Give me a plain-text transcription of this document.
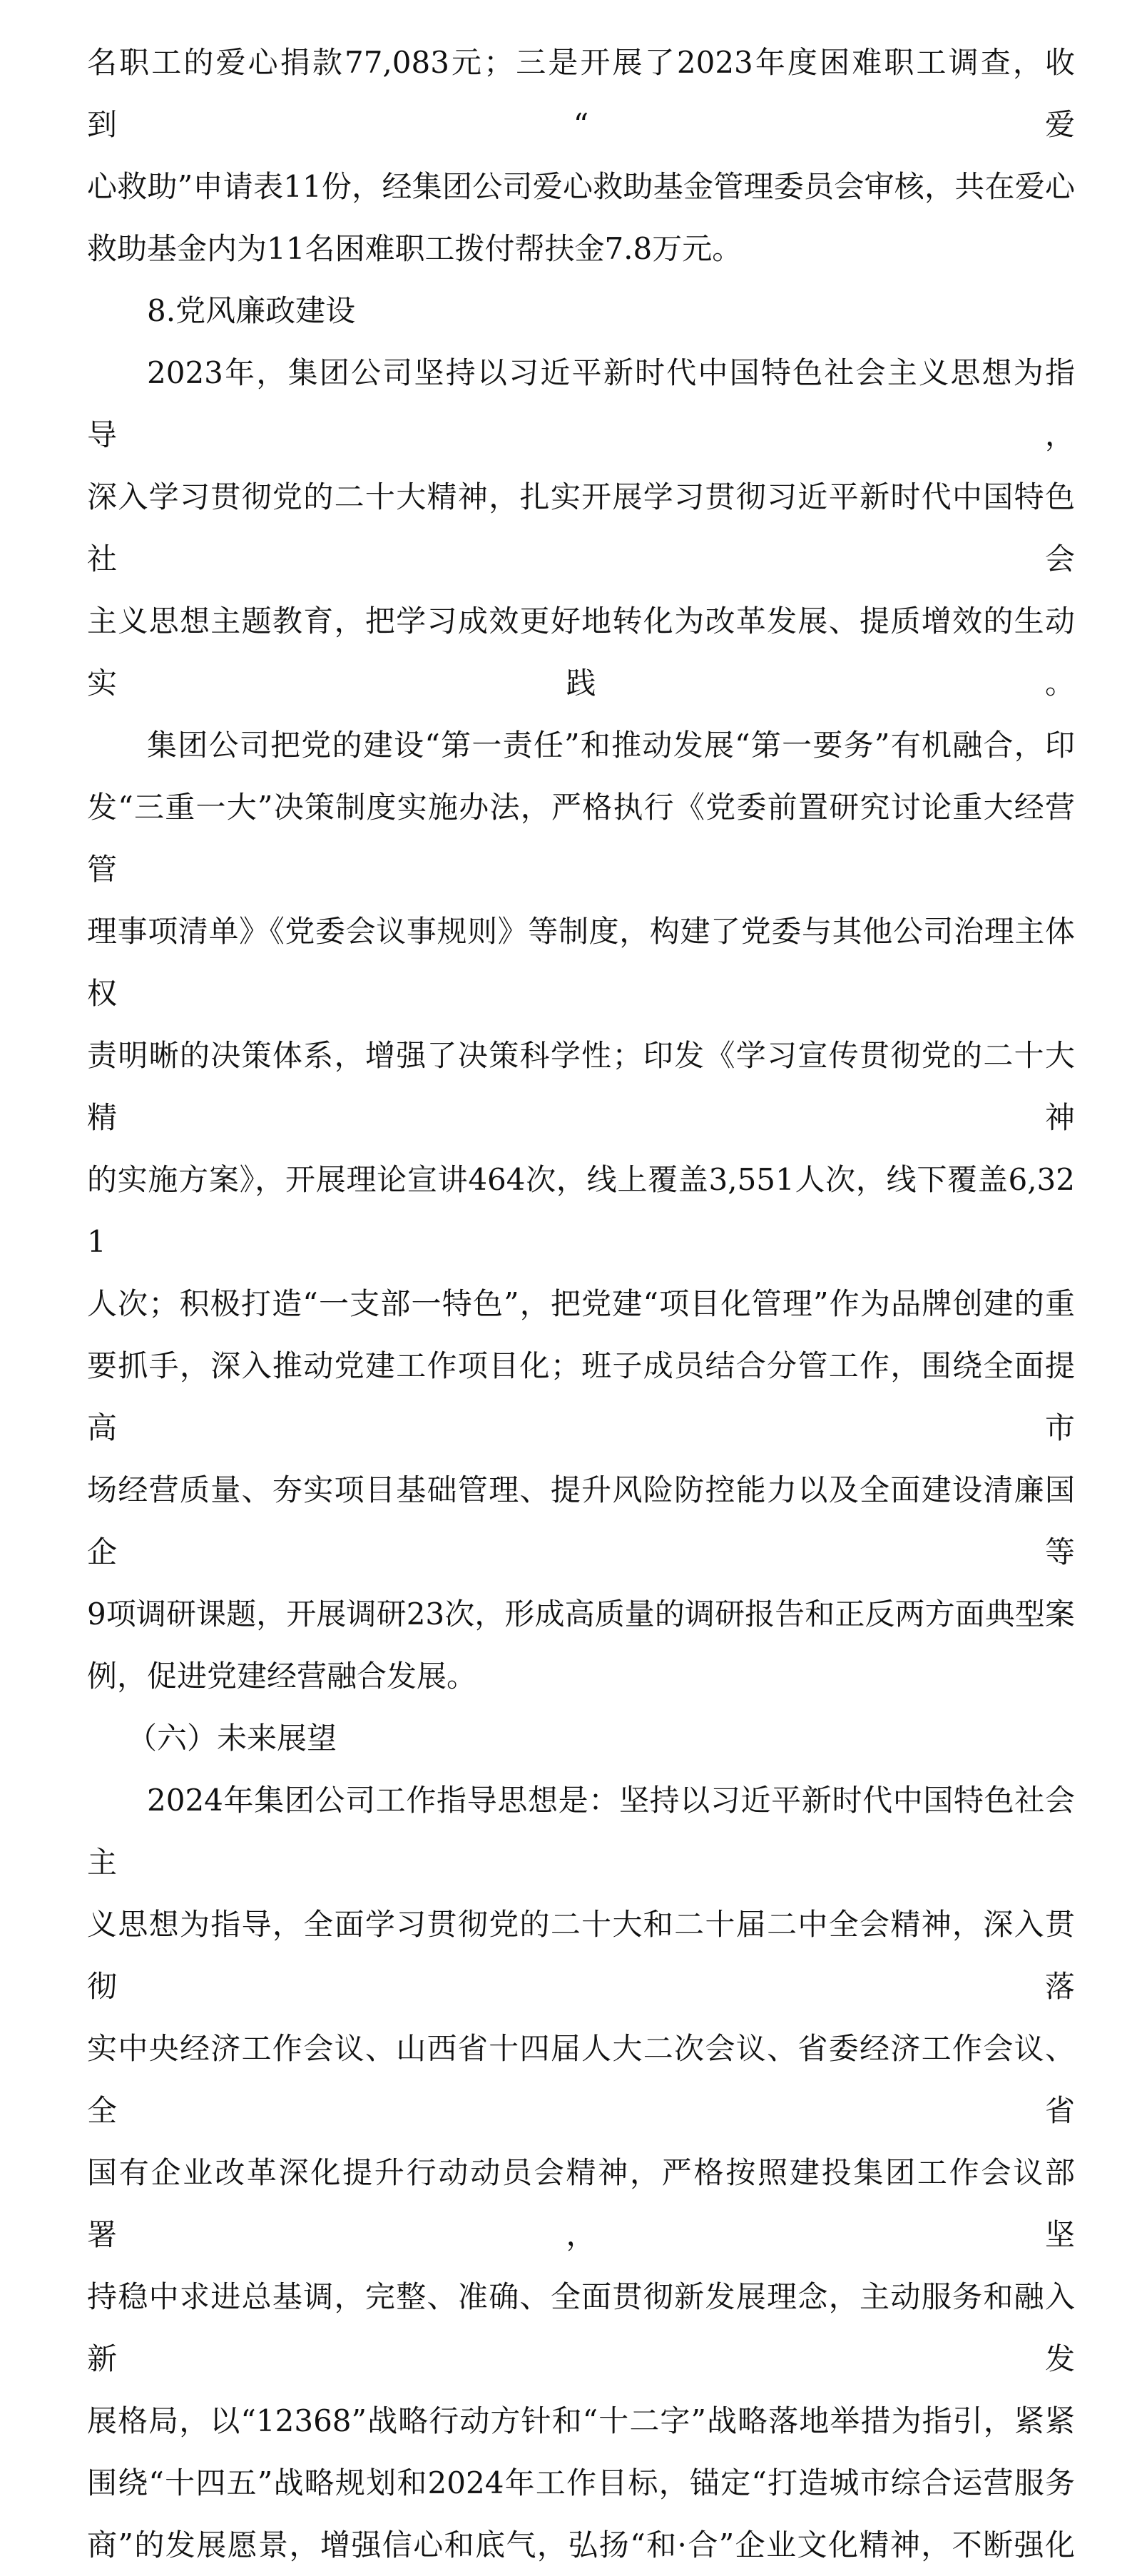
名职工的爱心捐款77,083元；三是开展了2023年度困难职工调查，收到“爱

心救助”申请表11份，经集团公司爱心救助基金管理委员会审核，共在爱心

救助基金内为11名困难职工拨付帮扶金7.8万元。

8.党风廉政建设

2023年，集团公司坚持以习近平新时代中国特色社会主义思想为指导，

深入学习贯彻党的二十大精神，扎实开展学习贯彻习近平新时代中国特色社会

主义思想主题教育，把学习成效更好地转化为改革发展、提质增效的生动实践。

集团公司把党的建设“第一责任”和推动发展“第一要务”有机融合，印

发“三重一大”决策制度实施办法，严格执行《党委前置研究讨论重大经营管

理事项清单》《党委会议事规则》等制度，构建了党委与其他公司治理主体权

责明晰的决策体系，增强了决策科学性；印发《学习宣传贯彻党的二十大精神

的实施方案》，开展理论宣讲464次，线上覆盖3,551人次，线下覆盖6,321

人次；积极打造“一支部一特色”，把党建“项目化管理”作为品牌创建的重

要抓手，深入推动党建工作项目化；班子成员结合分管工作，围绕全面提高市

场经营质量、夯实项目基础管理、提升风险防控能力以及全面建设清廉国企等

9项调研课题，开展调研23次，形成高质量的调研报告和正反两方面典型案

例，促进党建经营融合发展。

（六）未来展望

2024年集团公司工作指导思想是：坚持以习近平新时代中国特色社会主

义思想为指导，全面学习贯彻党的二十大和二十届二中全会精神，深入贯彻落

实中央经济工作会议、山西省十四届人大二次会议、省委经济工作会议、全省

国有企业改革深化提升行动动员会精神，严格按照建投集团工作会议部署，坚

持稳中求进总基调，完整、准确、全面贯彻新发展理念，主动服务和融入新发

展格局，以“12368”战略行动方针和“十二字”战略落地举措为指引，紧紧

围绕“十四五”战略规划和2024年工作目标，锚定“打造城市综合运营服务

商”的发展愿景，增强信心和底气，弘扬“和·合”企业文化精神，不断强化
